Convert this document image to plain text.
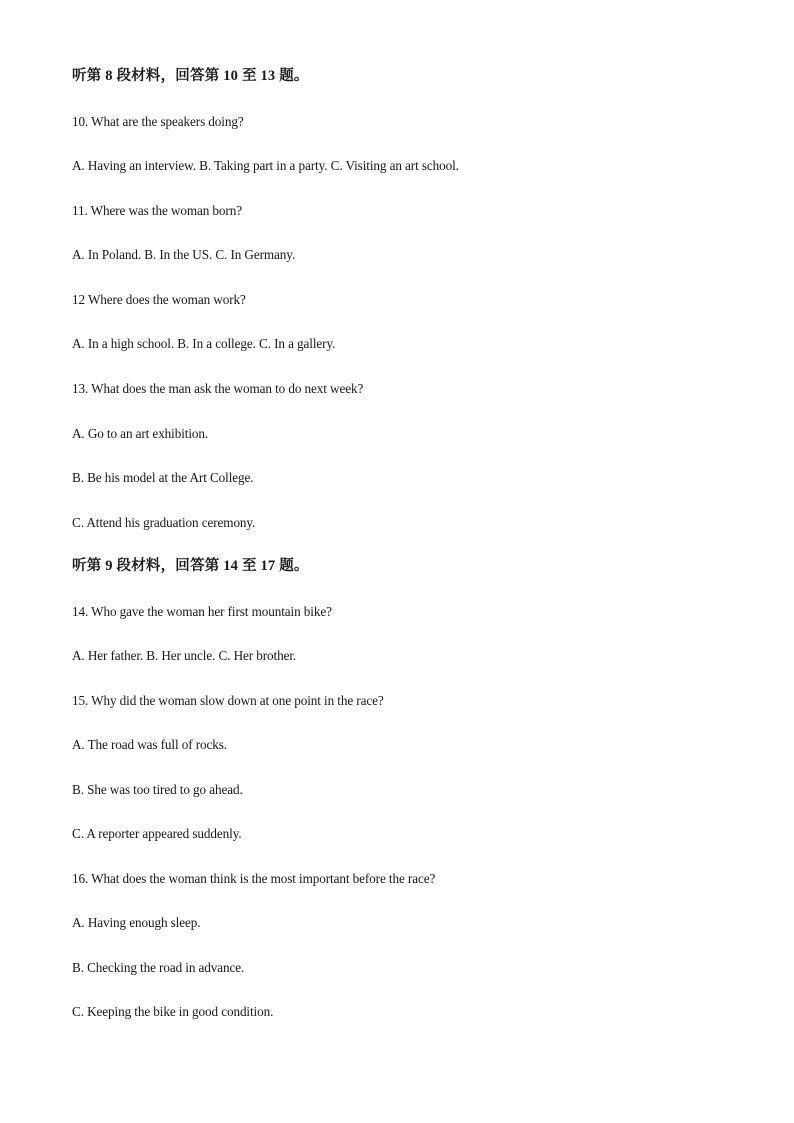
听第 8 段材料，回答第 10 至 13 题。
10. What are the speakers doing?
A. Having an interview. B. Taking part in a party. C. Visiting an art school.
11. Where was the woman born?
A. In Poland. B. In the US. C. In Germany.
12 Where does the woman work?
A. In a high school. B. In a college. C. In a gallery.
13. What does the man ask the woman to do next week?
A. Go to an art exhibition.
B. Be his model at the Art College.
C. Attend his graduation ceremony.
听第 9 段材料，回答第 14 至 17 题。
14. Who gave the woman her first mountain bike?
A. Her father. B. Her uncle. C. Her brother.
15. Why did the woman slow down at one point in the race?
A. The road was full of rocks.
B. She was too tired to go ahead.
C. A reporter appeared suddenly.
16. What does the woman think is the most important before the race?
A. Having enough sleep.
B. Checking the road in advance.
C. Keeping the bike in good condition.
